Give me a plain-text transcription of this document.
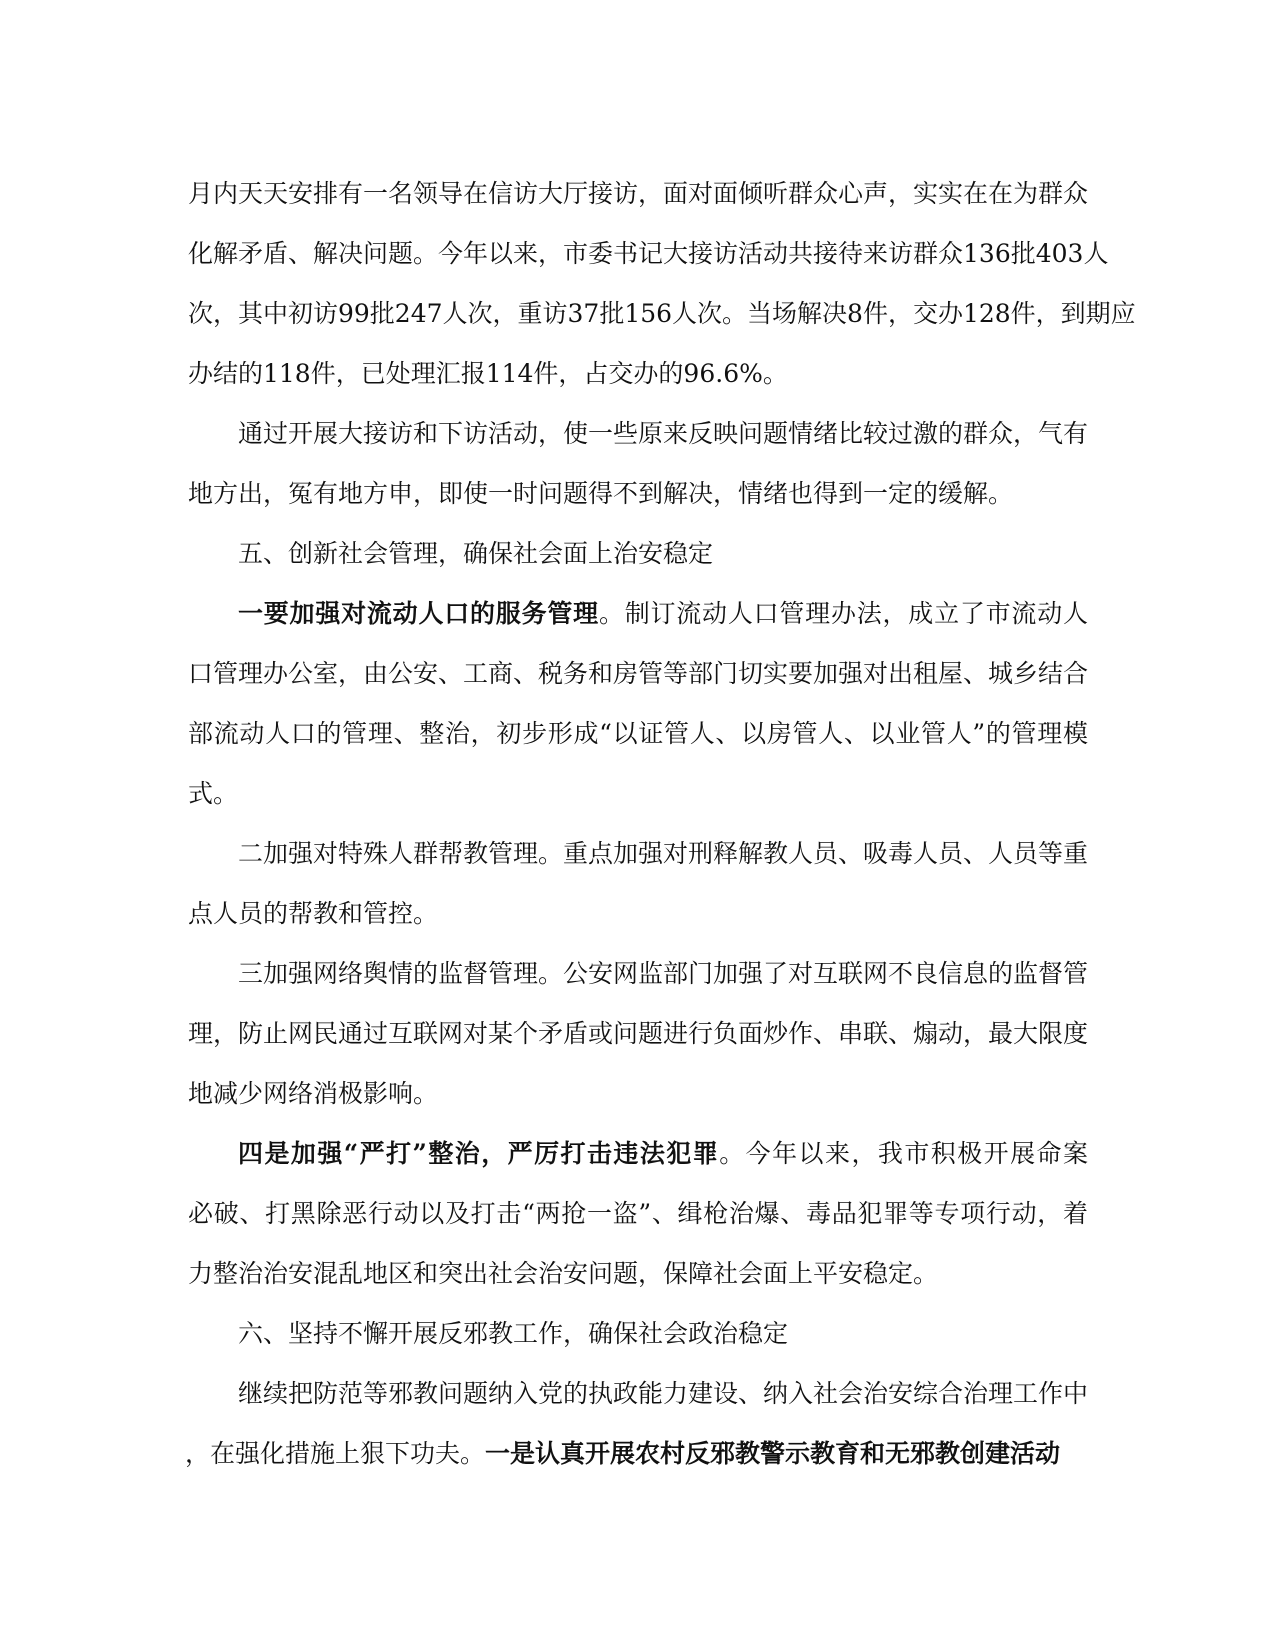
月内天天安排有一名领导在信访大厅接访，面对面倾听群众心声，实实在在为群众
化解矛盾、解决问题。今年以来，市委书记大接访活动共接待来访群众136批403人
次，其中初访99批247人次，重访37批156人次。当场解决8件，交办128件，到期应
办结的118件，已处理汇报114件，占交办的96.6%。
通过开展大接访和下访活动，使一些原来反映问题情绪比较过激的群众，气有
地方出，冤有地方申，即使一时问题得不到解决，情绪也得到一定的缓解。
五、创新社会管理，确保社会面上治安稳定
一要加强对流动人口的服务管理。制订流动人口管理办法，成立了市流动人
口管理办公室，由公安、工商、税务和房管等部门切实要加强对出租屋、城乡结合
部流动人口的管理、整治，初步形成“以证管人、以房管人、以业管人”的管理模
式。
二加强对特殊人群帮教管理。重点加强对刑释解教人员、吸毒人员、人员等重
点人员的帮教和管控。
三加强网络舆情的监督管理。公安网监部门加强了对互联网不良信息的监督管
理，防止网民通过互联网对某个矛盾或问题进行负面炒作、串联、煽动，最大限度
地减少网络消极影响。
四是加强“严打”整治，严厉打击违法犯罪。今年以来，我市积极开展命案
必破、打黑除恶行动以及打击“两抢一盗”、缉枪治爆、毒品犯罪等专项行动，着
力整治治安混乱地区和突出社会治安问题，保障社会面上平安稳定。
六、坚持不懈开展反邪教工作，确保社会政治稳定
继续把防范等邪教问题纳入党的执政能力建设、纳入社会治安综合治理工作中
，在强化措施上狠下功夫。一是认真开展农村反邪教警示教育和无邪教创建活动
